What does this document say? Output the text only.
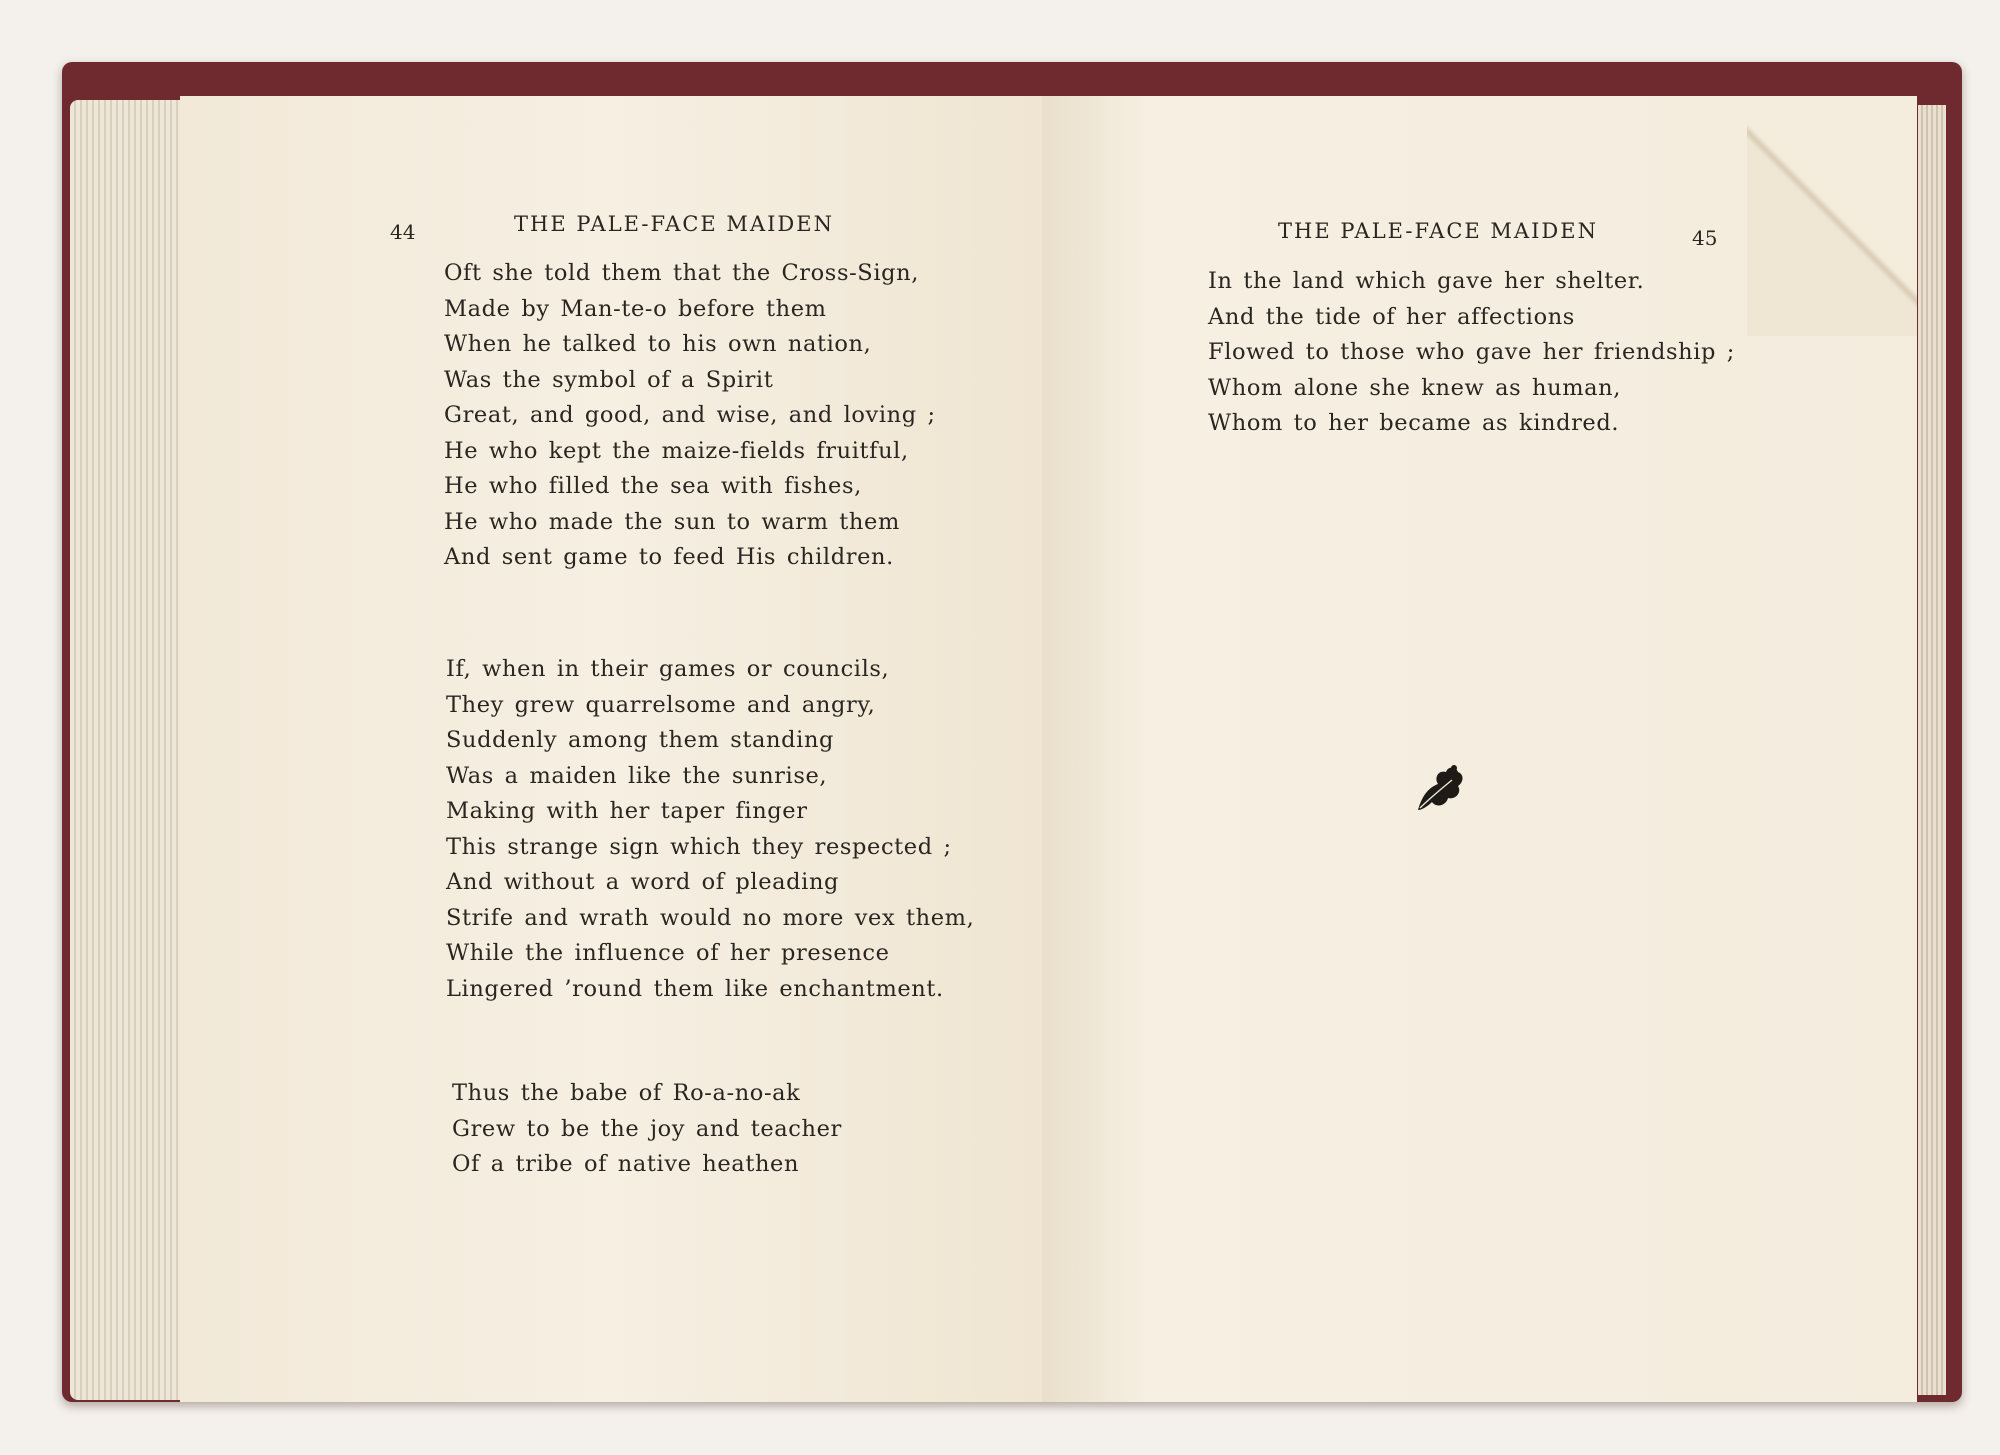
44	THE PALE-FACE MAIDEN
Oft she told them that the Cross-Sign,
Made by Man-te-o before them
When he talked to his own nation,
Was the symbol of a Spirit
Great, and good, and wise, and loving ;
He who kept the maize-fields fruitful,
He who filled the sea with fishes,
He who made the sun to warm them
And sent game to feed His children.
If, when in their games or councils,
They grew quarrelsome and angry,
Suddenly among them standing
Was a maiden like the sunrise,
Making with her taper finger
This strange sign which they respected ;
And without a word of pleading
Strife and wrath would no more vex them,
While the influence of her presence
Lingered ’round them like enchantment.
Thus the babe of Ro-a-no-ak
Grew to be the joy and teacher
Of a tribe of native heathen
THE PALE-FACE MAIDEN	45
In the land which gave her shelter.
And the tide of her affections
Flowed to those who gave her friendship ;
Whom alone she knew as human,
Whom to her became as kindred.
